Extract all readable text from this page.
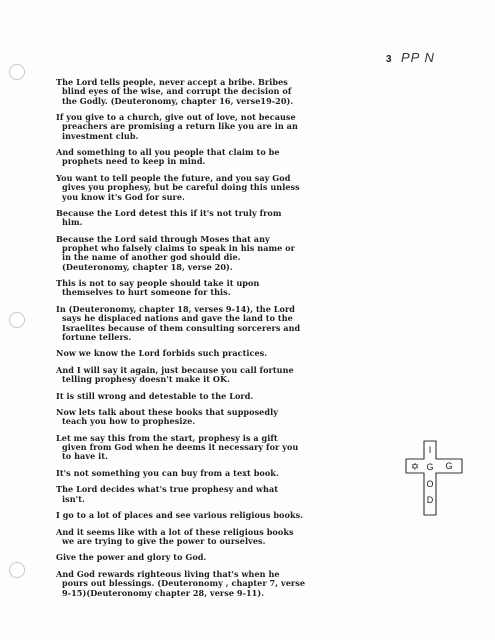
3 PP N

The Lord tells people, never accept a bribe. Bribes
blind eyes of the wise, and corrupt the decision of
the Godly. (Deuteronomy, chapter 16, verse19-20).

If you give to a church, give out of love, not because
preachers are promising a return like you are in an
investment club.

And something to all you people that claim to be
prophets need to keep in mind.

You want to tell people the future, and you say God
gives you prophesy, but be careful doing this unless
you know it's God for sure.

Because the Lord detest this if it's not truly from
him.

Because the Lord said through Moses that any
prophet who falsely claims to speak in his name or
in the name of another god should die.
(Deuteronomy, chapter 18, verse 20).

This is not to say people should take it upon
themselves to hurt someone for this.

In (Deuteronomy, chapter 18, verses 9-14), the Lord
says he displaced nations and gave the land to the
Israelites because of them consulting sorcerers and
fortune tellers.

Now we know the Lord forbids such practices.

And I will say it again, just because you call fortune
telling prophesy doesn't make it OK.

It is still wrong and detestable to the Lord.

Now lets talk about these books that supposedly
teach you how to prophesize.

Let me say this from the start, prophesy is a gift
given from God when he deems it necessary for you
to have it.

It's not something you can buy from a text book.

The Lord decides what's true prophesy and what
isn't.

I go to a lot of places and see various religious books.

And it seems like with a lot of these religious books
we are trying to give the power to ourselves.

Give the power and glory to God.

And God rewards righteous living that's when he
pours out blessings. (Deuteronomy , chapter 7, verse
9-15)(Deuteronomy chapter 28, verse 9-11).

I
G
✡ G
O
D
